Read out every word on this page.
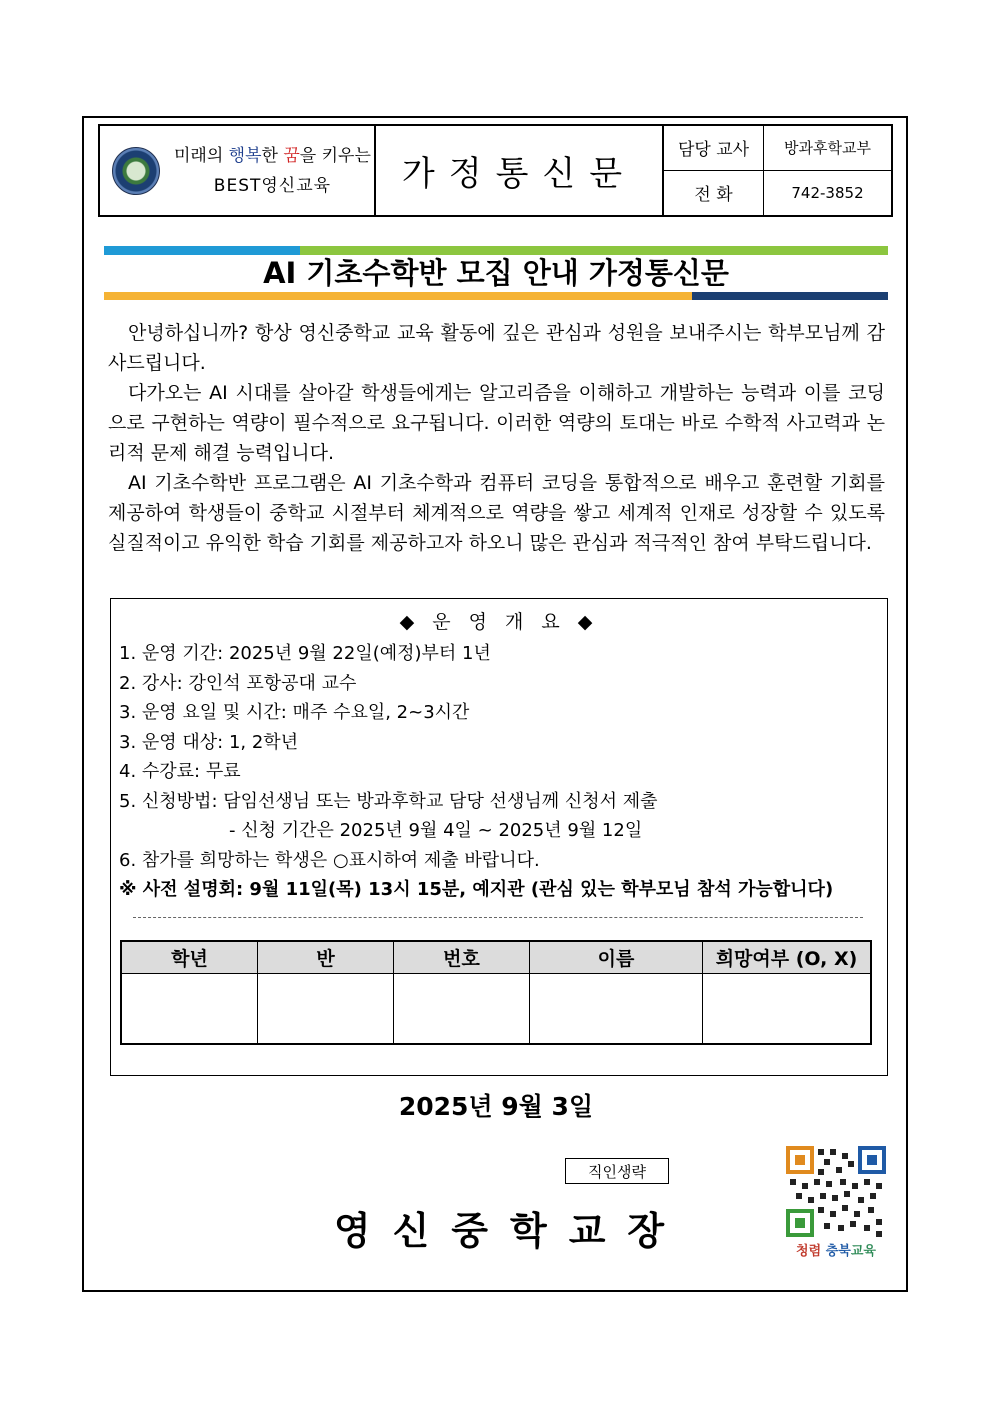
미래의 행복한 꿈을 키우는
BEST영신교육	가정통신문
담당 교사	방과후학교부
전 화	742-3852
AI 기초수학반 모집 안내 가정통신문

안녕하십니까? 항상 영신중학교 교육 활동에 깊은 관심과 성원을 보내주시는 학부모님께 감사드립니다.

다가오는 AI 시대를 살아갈 학생들에게는 알고리즘을 이해하고 개발하는 능력과 이를 코딩으로 구현하는 역량이 필수적으로 요구됩니다. 이러한 역량의 토대는 바로 수학적 사고력과 논리적 문제 해결 능력입니다.

AI 기초수학반 프로그램은 AI 기초수학과 컴퓨터 코딩을 통합적으로 배우고 훈련할 기회를 제공하여 학생들이 중학교 시절부터 체계적으로 역량을 쌓고 세계적 인재로 성장할 수 있도록 실질적이고 유익한 학습 기회를 제공하고자 하오니 많은 관심과 적극적인 참여 부탁드립니다.

◆ 운 영 개 요 ◆
1. 운영 기간: 2025년 9월 22일(예정)부터 1년
2. 강사: 강인석 포항공대 교수
3. 운영 요일 및 시간: 매주 수요일, 2~3시간
3. 운영 대상: 1, 2학년
4. 수강료: 무료
5. 신청방법: 담임선생님 또는 방과후학교 담당 선생님께 신청서 제출
- 신청 기간은 2025년 9월 4일 ~ 2025년 9월 12일
6. 참가를 희망하는 학생은 ○표시하여 제출 바랍니다.
※ 사전 설명회: 9월 11일(목) 13시 15분, 예지관 (관심 있는 학부모님 참석 가능합니다)
학년	반	번호	이름	희망여부 (O, X)
2025년 9월 3일
직인생략
영신중학교장	청렴 충북교육
